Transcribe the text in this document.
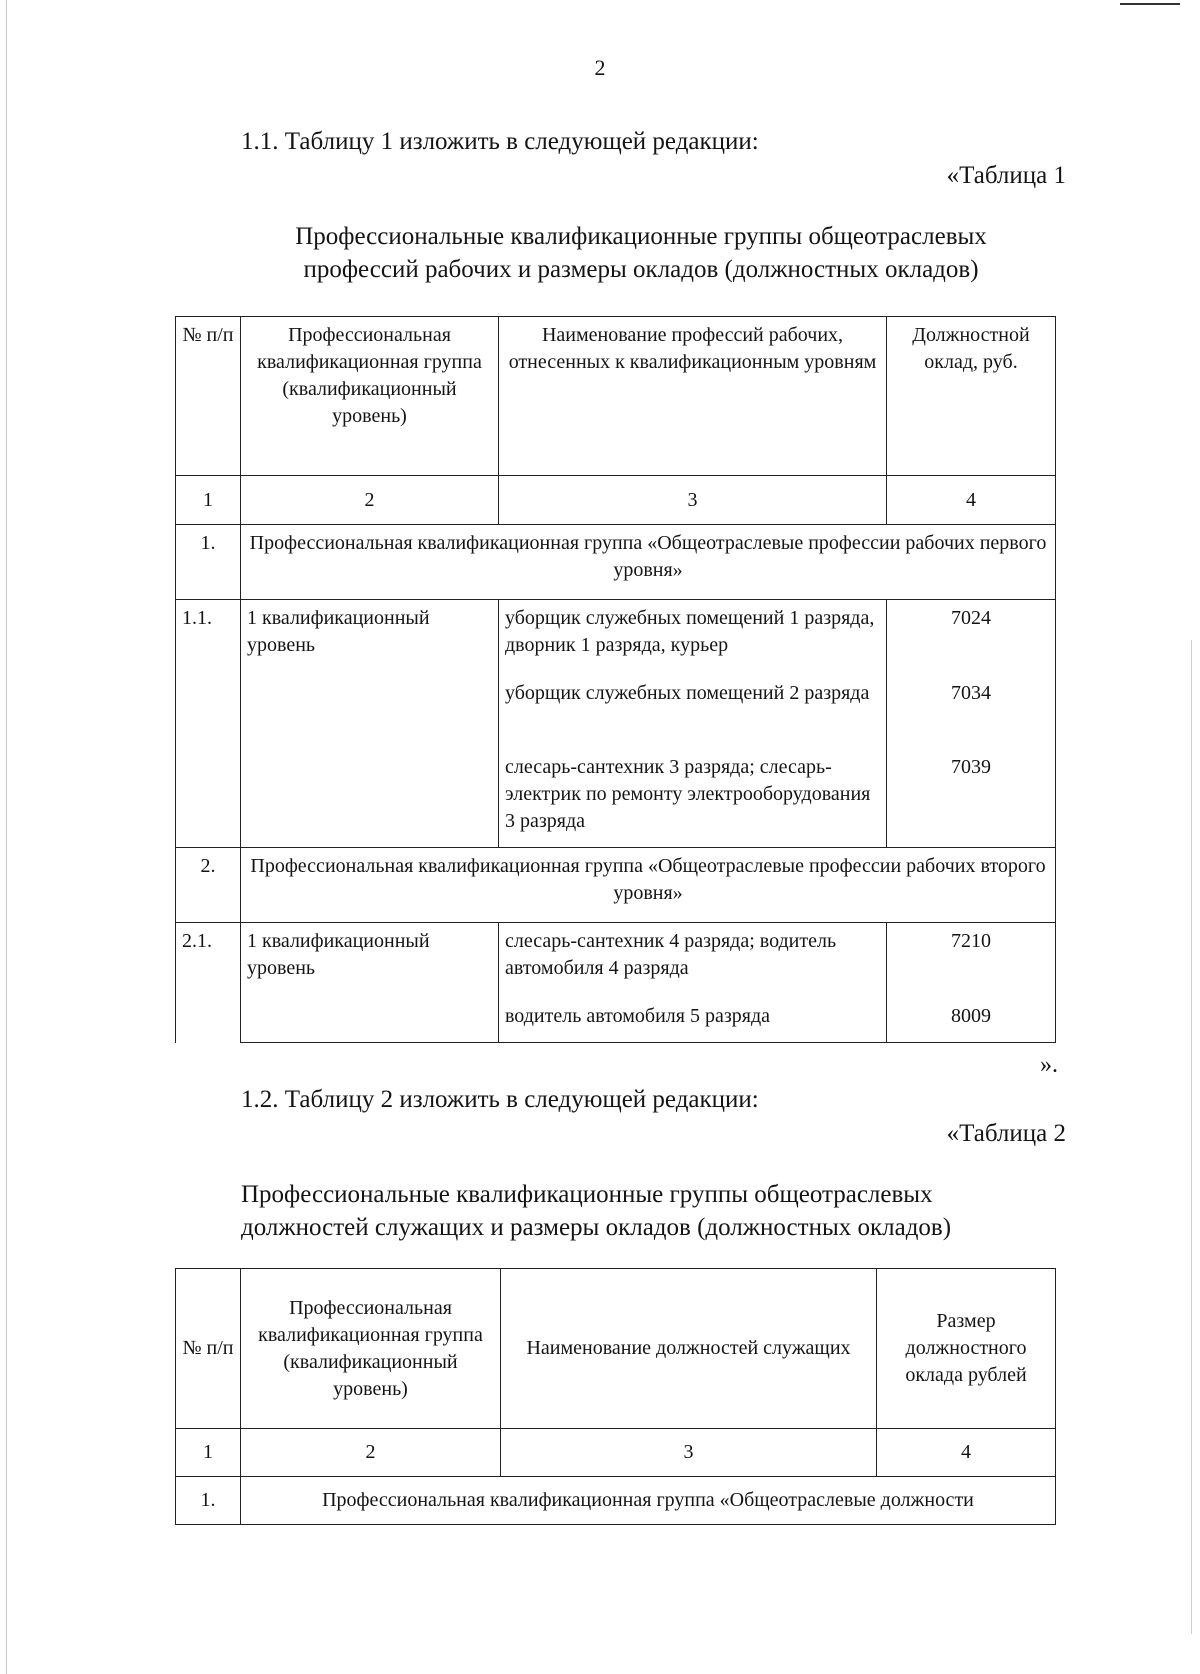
2
1.1. Таблицу 1 изложить в следующей редакции:
«Таблица 1
Профессиональные квалификационные группы общеотраслевых
профессий рабочих и размеры окладов (должностных окладов)
№ п/п	Профессиональная квалификационная группа (квалификационный уровень)	Наименование профессий рабочих, отнесенных к квалификационным уровням	Должностной оклад, руб.
1	2	3	4
1.	Профессиональная квалификационная группа «Общеотраслевые профессии рабочих первого уровня»		
1.1.	1 квалификационный уровень	уборщик служебных помещений 1 разряда, дворник 1 разряда, курьер	7024
		уборщик служебных помещений 2 разряда	7034
		слесарь-сантехник 3 разряда; слесарь-электрик по ремонту электрооборудования 3 разряда	7039
2.	Профессиональная квалификационная группа «Общеотраслевые профессии рабочих второго уровня»		
2.1.	1 квалификационный уровень	слесарь-сантехник 4 разряда; водитель автомобиля 4 разряда	7210
		водитель автомобиля 5 разряда	8009
».
1.2. Таблицу 2 изложить в следующей редакции:
«Таблица 2
Профессиональные квалификационные группы общеотраслевых
должностей служащих и размеры окладов (должностных окладов)
№ п/п	Профессиональная квалификационная группа (квалификационный уровень)	Наименование должностей служащих	Размер должностного оклада рублей
1	2	3	4
1.	Профессиональная квалификационная группа «Общеотраслевые должности		
